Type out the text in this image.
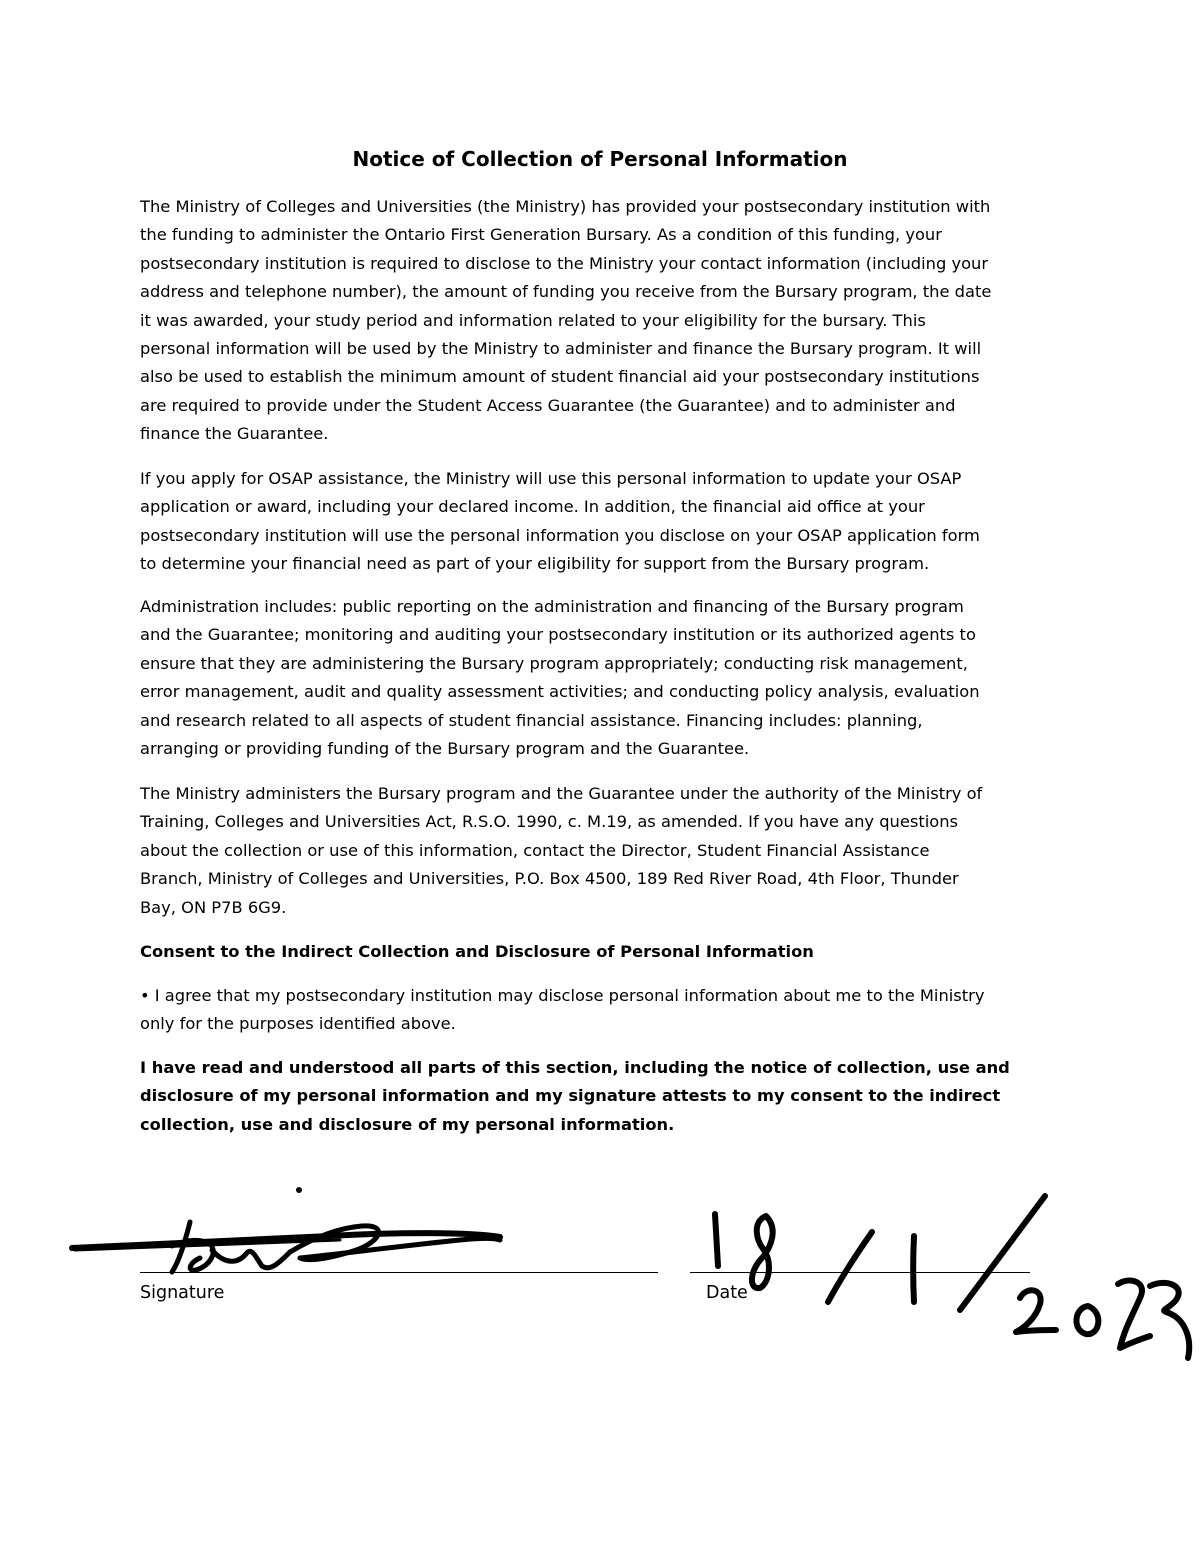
Notice of Collection of Personal Information

The Ministry of Colleges and Universities (the Ministry) has provided your postsecondary institution with
the funding to administer the Ontario First Generation Bursary. As a condition of this funding, your
postsecondary institution is required to disclose to the Ministry your contact information (including your
address and telephone number), the amount of funding you receive from the Bursary program, the date
it was awarded, your study period and information related to your eligibility for the bursary. This
personal information will be used by the Ministry to administer and finance the Bursary program. It will
also be used to establish the minimum amount of student financial aid your postsecondary institutions
are required to provide under the Student Access Guarantee (the Guarantee) and to administer and
finance the Guarantee.

If you apply for OSAP assistance, the Ministry will use this personal information to update your OSAP
application or award, including your declared income. In addition, the financial aid office at your
postsecondary institution will use the personal information you disclose on your OSAP application form
to determine your financial need as part of your eligibility for support from the Bursary program.

Administration includes: public reporting on the administration and financing of the Bursary program
and the Guarantee; monitoring and auditing your postsecondary institution or its authorized agents to
ensure that they are administering the Bursary program appropriately; conducting risk management,
error management, audit and quality assessment activities; and conducting policy analysis, evaluation
and research related to all aspects of student financial assistance. Financing includes: planning,
arranging or providing funding of the Bursary program and the Guarantee.

The Ministry administers the Bursary program and the Guarantee under the authority of the Ministry of
Training, Colleges and Universities Act, R.S.O. 1990, c. M.19, as amended. If you have any questions
about the collection or use of this information, contact the Director, Student Financial Assistance
Branch, Ministry of Colleges and Universities, P.O. Box 4500, 189 Red River Road, 4th Floor, Thunder
Bay, ON P7B 6G9.

Consent to the Indirect Collection and Disclosure of Personal Information

• I agree that my postsecondary institution may disclose personal information about me to the Ministry
only for the purposes identified above.

I have read and understood all parts of this section, including the notice of collection, use and
disclosure of my personal information and my signature attests to my consent to the indirect
collection, use and disclosure of my personal information.

Signature	Date
